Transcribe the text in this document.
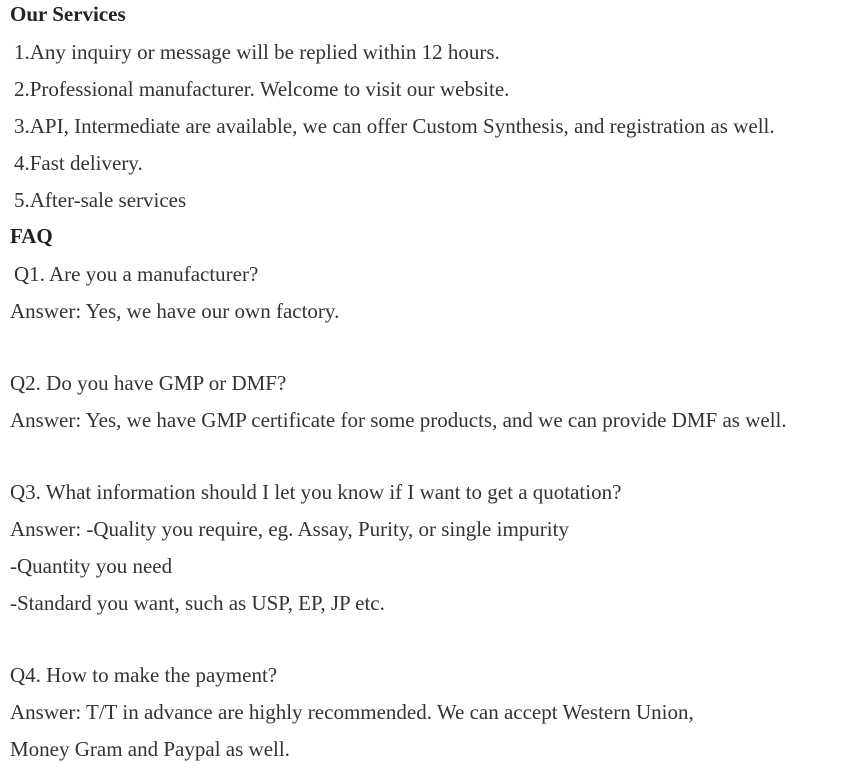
Our Services
1.Any inquiry or message will be replied within 12 hours.
2.Professional manufacturer. Welcome to visit our website.
3.API, Intermediate are available, we can offer Custom Synthesis, and registration as well.
4.Fast delivery.
5.After-sale services
FAQ
Q1. Are you a manufacturer?
Answer: Yes, we have our own factory.
Q2. Do you have GMP or DMF?
Answer: Yes, we have GMP certificate for some products, and we can provide DMF as well.
Q3. What information should I let you know if I want to get a quotation?
Answer: -Quality you require, eg. Assay, Purity, or single impurity
-Quantity you need
-Standard you want, such as USP, EP, JP etc.
Q4. How to make the payment?
Answer: T/T in advance are highly recommended. We can accept Western Union,
Money Gram and Paypal as well.
